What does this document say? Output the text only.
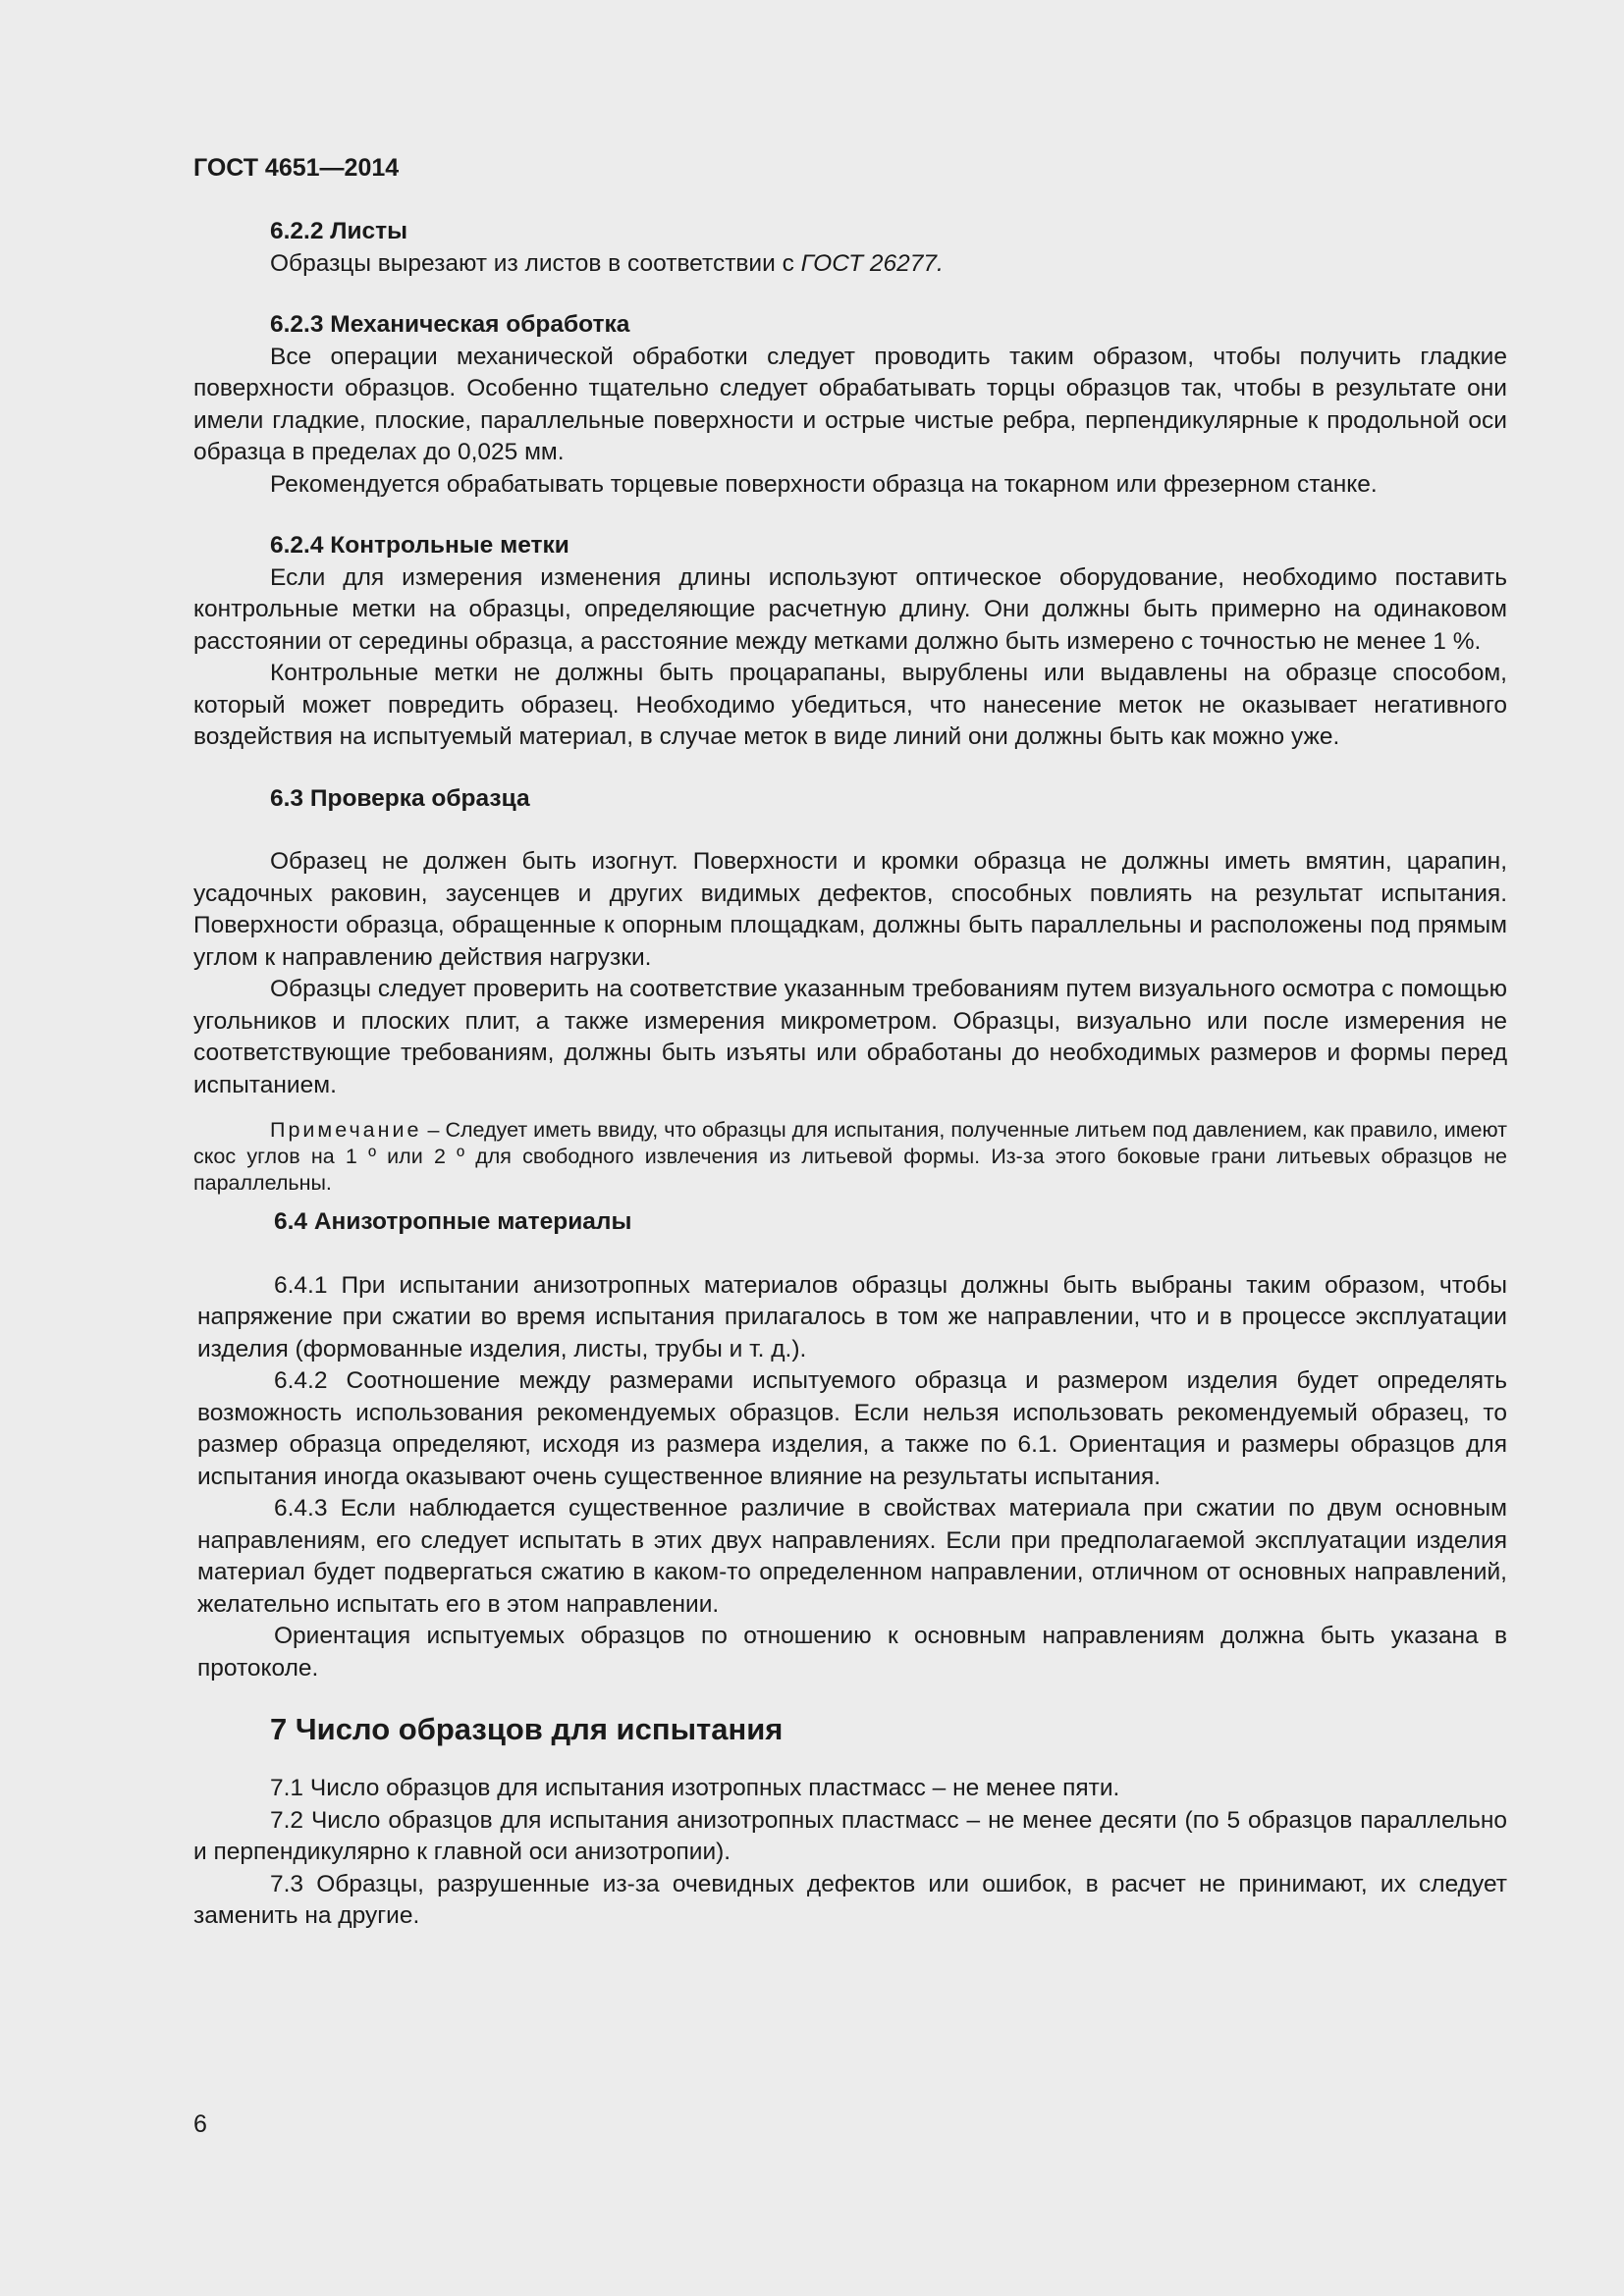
ГОСТ 4651—2014

6.2.2 Листы

Образцы вырезают из листов в соответствии с ГОСТ 26277.

6.2.3 Механическая обработка

Все операции механической обработки следует проводить таким образом, чтобы получить гладкие поверхности образцов. Особенно тщательно следует обрабатывать торцы образцов так, чтобы в результате они имели гладкие, плоские, параллельные поверхности и острые чистые ребра, перпендикулярные к продольной оси образца в пределах до 0,025 мм.

Рекомендуется обрабатывать торцевые поверхности образца на токарном или фрезерном станке.

6.2.4 Контрольные метки

Если для измерения изменения длины используют оптическое оборудование, необходимо поставить контрольные метки на образцы, определяющие расчетную длину. Они должны быть примерно на одинаковом расстоянии от середины образца, а расстояние между метками должно быть измерено с точностью не менее 1 %.

Контрольные метки не должны быть процарапаны, вырублены или выдавлены на образце способом, который может повредить образец. Необходимо убедиться, что нанесение меток не оказывает негативного воздействия на испытуемый материал, в случае меток в виде линий они должны быть как можно уже.

6.3 Проверка образца

Образец не должен быть изогнут. Поверхности и кромки образца не должны иметь вмятин, царапин, усадочных раковин, заусенцев и других видимых дефектов, способных повлиять на результат испытания. Поверхности образца, обращенные к опорным площадкам, должны быть параллельны и расположены под прямым углом к направлению действия нагрузки.

Образцы следует проверить на соответствие указанным требованиям путем визуального осмотра с помощью угольников и плоских плит, а также измерения микрометром. Образцы, визуально или после измерения не соответствующие требованиям, должны быть изъяты или обработаны до необходимых размеров и формы перед испытанием.

Примечание – Следует иметь ввиду, что образцы для испытания, полученные литьем под давлением, как правило, имеют скос углов на 1 º или 2 º для свободного извлечения из литьевой формы. Из-за этого боковые грани литьевых образцов не параллельны.

6.4 Анизотропные материалы

6.4.1 При испытании анизотропных материалов образцы должны быть выбраны таким образом, чтобы напряжение при сжатии во время испытания прилагалось в том же направлении, что и в процессе эксплуатации изделия (формованные изделия, листы, трубы и т. д.).

6.4.2 Соотношение между размерами испытуемого образца и размером изделия будет определять возможность использования рекомендуемых образцов. Если нельзя использовать рекомендуемый образец, то размер образца определяют, исходя из размера изделия, а также по 6.1. Ориентация и размеры образцов для испытания иногда оказывают очень существенное влияние на результаты испытания.

6.4.3 Если наблюдается существенное различие в свойствах материала при сжатии по двум основным направлениям, его следует испытать в этих двух направлениях. Если при предполагаемой эксплуатации изделия материал будет подвергаться сжатию в каком-то определенном направлении, отличном от основных направлений, желательно испытать его в этом направлении.

Ориентация испытуемых образцов по отношению к основным направлениям должна быть указана в протоколе.

7 Число образцов для испытания

7.1 Число образцов для испытания изотропных пластмасс – не менее пяти.

7.2 Число образцов для испытания анизотропных пластмасс – не менее десяти (по 5 образцов параллельно и перпендикулярно к главной оси анизотропии).

7.3 Образцы, разрушенные из-за очевидных дефектов или ошибок, в расчет не принимают, их следует заменить на другие.

6
